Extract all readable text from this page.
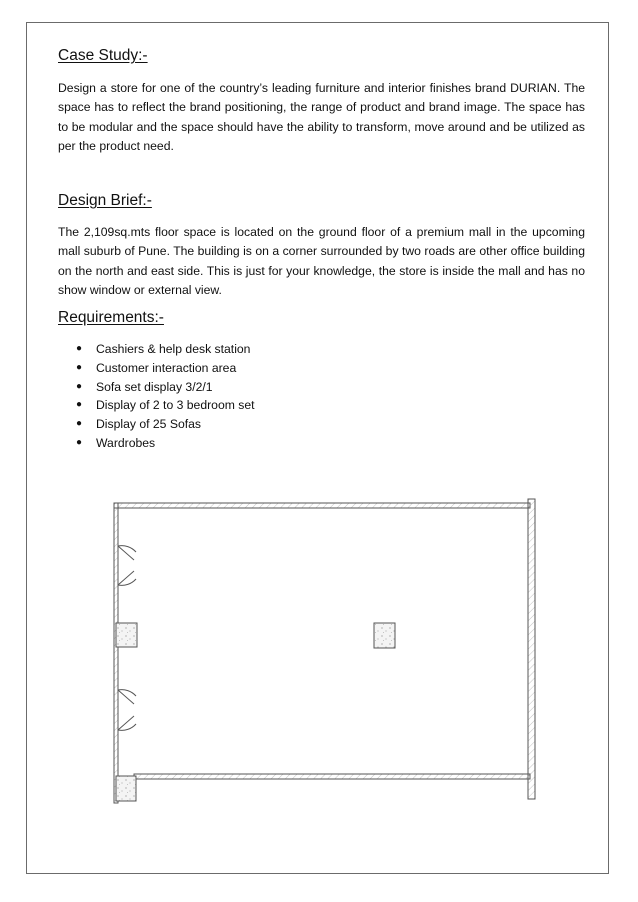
Case Study:-

Design a store for one of the country’s leading furniture and interior finishes brand DURIAN. The space has to reflect the brand positioning, the range of product and brand image. The space has to be modular and the space should have the ability to transform, move around and be utilized as per the product need.

Design Brief:-

The 2,109sq.mts floor space is located on the ground floor of a premium mall in the upcoming mall suburb of Pune. The building is on a corner surrounded by two roads are other office building on the north and east side. This is just for your knowledge, the store is inside the mall and has no show window or external view.

Requirements:-
● Cashiers & help desk station
● Customer interaction area
● Sofa set display 3/2/1
● Display of 2 to 3 bedroom set
● Display of 25 Sofas
● Wardrobes
